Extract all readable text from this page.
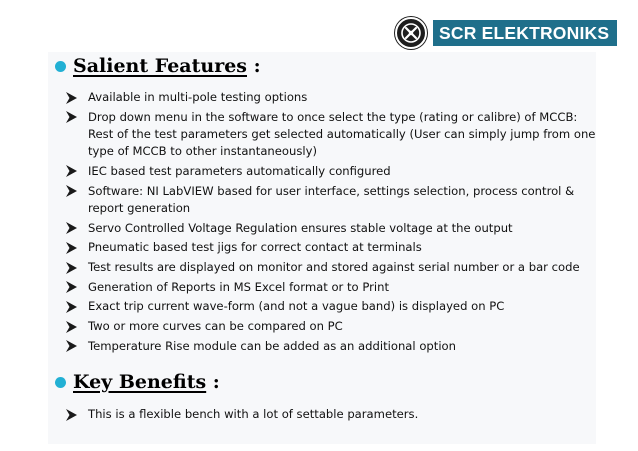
SCR ELEKTRONIKS
Salient Features :
Available in multi-pole testing options
Drop down menu in the software to once select the type (rating or calibre) of MCCB: Rest of the test parameters get selected automatically (User can simply jump from one type of MCCB to other instantaneously)
IEC based test parameters automatically configured
Software: NI LabVIEW based for user interface, settings selection, process control & report generation
Servo Controlled Voltage Regulation ensures stable voltage at the output
Pneumatic based test jigs for correct contact at terminals
Test results are displayed on monitor and stored against serial number or a bar code
Generation of Reports in MS Excel format or to Print
Exact trip current wave-form (and not a vague band) is displayed on PC
Two or more curves can be compared on PC
Temperature Rise module can be added as an additional option
Key Benefits :
This is a flexible bench with a lot of settable parameters.
